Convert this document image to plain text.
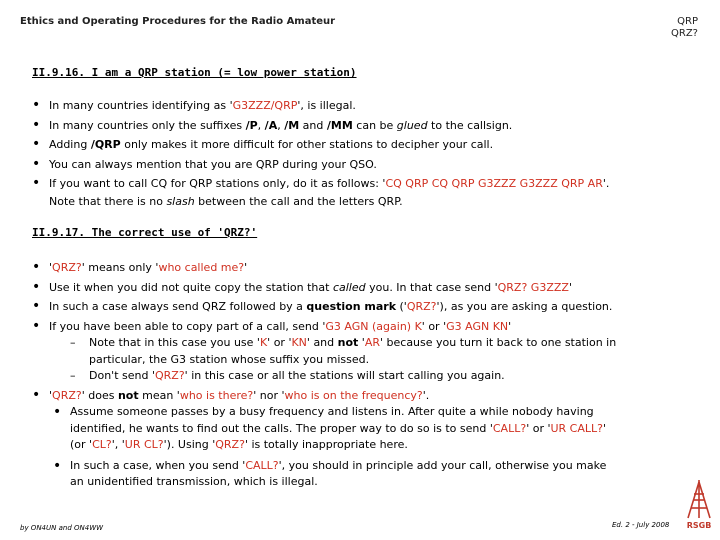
Ethics and Operating Procedures for the Radio Amateur	QRP
QRZ?
II.9.16. I am a QRP station (= low power station)
• In many countries identifying as 'G3ZZZ/QRP', is illegal.
• In many countries only the suffixes /P, /A, /M and /MM can be glued to the callsign.
• Adding /QRP only makes it more difficult for other stations to decipher your call.
• You can always mention that you are QRP during your QSO.
• If you want to call CQ for QRP stations only, do it as follows: 'CQ QRP CQ QRP G3ZZZ G3ZZZ QRP AR'.
Note that there is no slash between the call and the letters QRP.
II.9.17. The correct use of 'QRZ?'
• 'QRZ?' means only 'who called me?'
• Use it when you did not quite copy the station that called you. In that case send 'QRZ? G3ZZZ'
• In such a case always send QRZ followed by a question mark ('QRZ?'), as you are asking a question.
• If you have been able to copy part of a call, send 'G3 AGN (again) K' or 'G3 AGN KN'
– Note that in this case you use 'K' or 'KN' and not 'AR' because you turn it back to one station in
particular, the G3 station whose suffix you missed.
– Don't send 'QRZ?' in this case or all the stations will start calling you again.
• 'QRZ?' does not mean 'who is there?' nor 'who is on the frequency?'.
• Assume someone passes by a busy frequency and listens in. After quite a while nobody having
identified, he wants to find out the calls. The proper way to do so is to send 'CALL?' or 'UR CALL?'
(or 'CL?', 'UR CL?'). Using 'QRZ?' is totally inappropriate here.
• In such a case, when you send 'CALL?', you should in principle add your call, otherwise you make
an unidentified transmission, which is illegal.
by ON4UN and ON4WW	Ed. 2 - July 2008 RSGB
